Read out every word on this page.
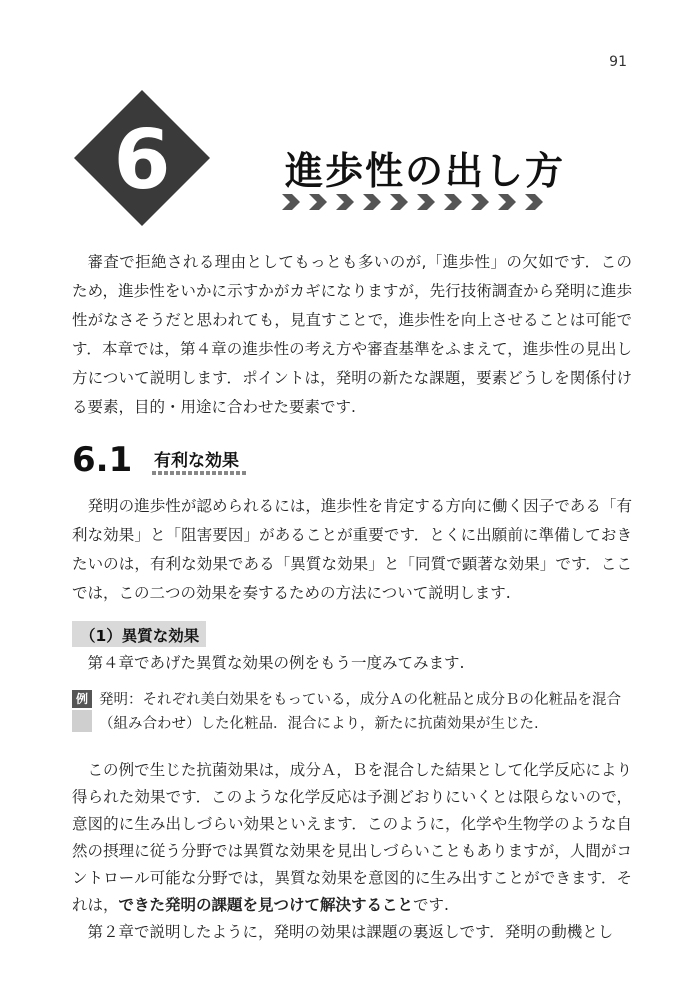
91
6	進歩性の出し方

審査で拒絶される理由としてもっとも多いのが,「進歩性」の欠如です．このため，進歩性をいかに示すかがカギになりますが，先行技術調査から発明に進歩性がなさそうだと思われても，見直すことで，進歩性を向上させることは可能です．本章では，第４章の進歩性の考え方や審査基準をふまえて，進歩性の見出し方について説明します．ポイントは，発明の新たな課題，要素どうしを関係付ける要素，目的・用途に合わせた要素です.

6.1 有利な効果

発明の進歩性が認められるには，進歩性を肯定する方向に働く因子である「有利な効果」と「阻害要因」があることが重要です．とくに出願前に準備しておきたいのは，有利な効果である「異質な効果」と「同質で顕著な効果」です．ここでは，この二つの効果を奏するための方法について説明します.

（1）異質な効果

第４章であげた異質な効果の例をもう一度みてみます.

例 発明：それぞれ美白効果をもっている，成分Ａの化粧品と成分Ｂの化粧品を混合（組み合わせ）した化粧品．混合により，新たに抗菌効果が生じた.
この例で生じた抗菌効果は，成分Ａ，Ｂを混合した結果として化学反応により得られた効果です．このような化学反応は予測どおりにいくとは限らないので，意図的に生み出しづらい効果といえます．このように，化学や生物学のような自然の摂理に従う分野では異質な効果を見出しづらいこともありますが，人間がコントロール可能な分野では，異質な効果を意図的に生み出すことができます．それは，できた発明の課題を見つけて解決することです.
第２章で説明したように，発明の効果は課題の裏返しです．発明の動機とし
